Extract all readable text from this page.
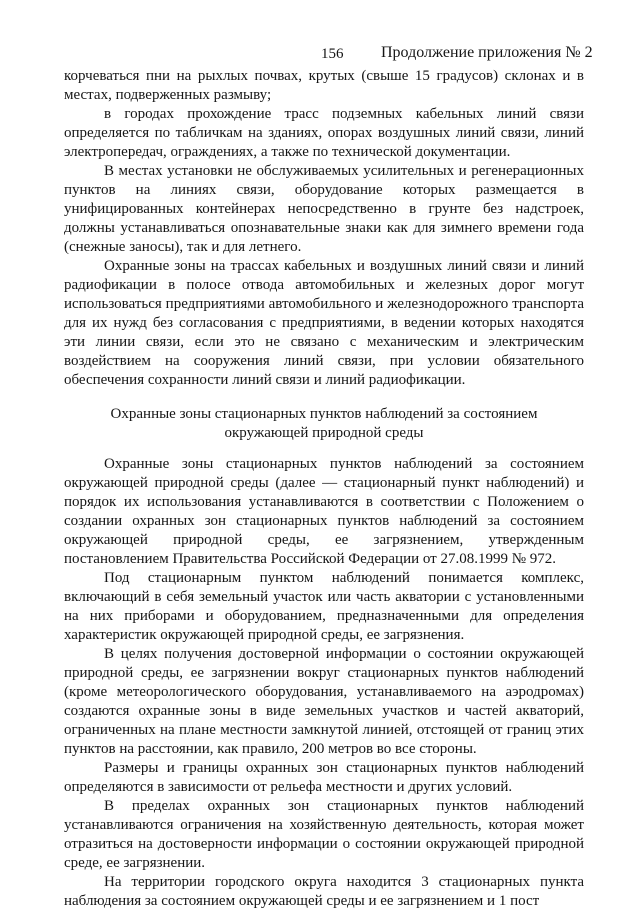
156 Продолжение приложения № 2

корчеваться пни на рыхлых почвах, крутых (свыше 15 градусов) склонах и в местах, подверженных размыву;

в городах прохождение трасс подземных кабельных линий связи определяется по табличкам на зданиях, опорах воздушных линий связи, линий электропередач, ограждениях, а также по технической документации.

В местах установки не обслуживаемых усилительных и регенерационных пунктов на линиях связи, оборудование которых размещается в унифицированных контейнерах непосредственно в грунте без надстроек, должны устанавливаться опознавательные знаки как для зимнего времени года (снежные заносы), так и для летнего.

Охранные зоны на трассах кабельных и воздушных линий связи и линий радиофикации в полосе отвода автомобильных и железных дорог могут использоваться предприятиями автомобильного и железнодорожного транспорта для их нужд без согласования с предприятиями, в ведении которых находятся эти линии связи, если это не связано с механическим и электрическим воздействием на сооружения линий связи, при условии обязательного обеспечения сохранности линий связи и линий радиофикации.

Охранные зоны стационарных пунктов наблюдений за состоянием
окружающей природной среды

Охранные зоны стационарных пунктов наблюдений за состоянием окружающей природной среды (далее — стационарный пункт наблюдений) и порядок их использования устанавливаются в соответствии с Положением о создании охранных зон стационарных пунктов наблюдений за состоянием окружающей природной среды, ее загрязнением, утвержденным постановлением Правительства Российской Федерации от 27.08.1999 № 972.

Под стационарным пунктом наблюдений понимается комплекс, включающий в себя земельный участок или часть акватории с установленными на них приборами и оборудованием, предназначенными для определения характеристик окружающей природной среды, ее загрязнения.

В целях получения достоверной информации о состоянии окружающей природной среды, ее загрязнении вокруг стационарных пунктов наблюдений (кроме метеорологического оборудования, устанавливаемого на аэродромах) создаются охранные зоны в виде земельных участков и частей акваторий, ограниченных на плане местности замкнутой линией, отстоящей от границ этих пунктов на расстоянии, как правило, 200 метров во все стороны.

Размеры и границы охранных зон стационарных пунктов наблюдений определяются в зависимости от рельефа местности и других условий.

В пределах охранных зон стационарных пунктов наблюдений устанавливаются ограничения на хозяйственную деятельность, которая может отразиться на достоверности информации о состоянии окружающей природной среде, ее загрязнении.

На территории городского округа находится 3 стационарных пункта наблюдения за состоянием окружающей среды и ее загрязнением и 1 пост
